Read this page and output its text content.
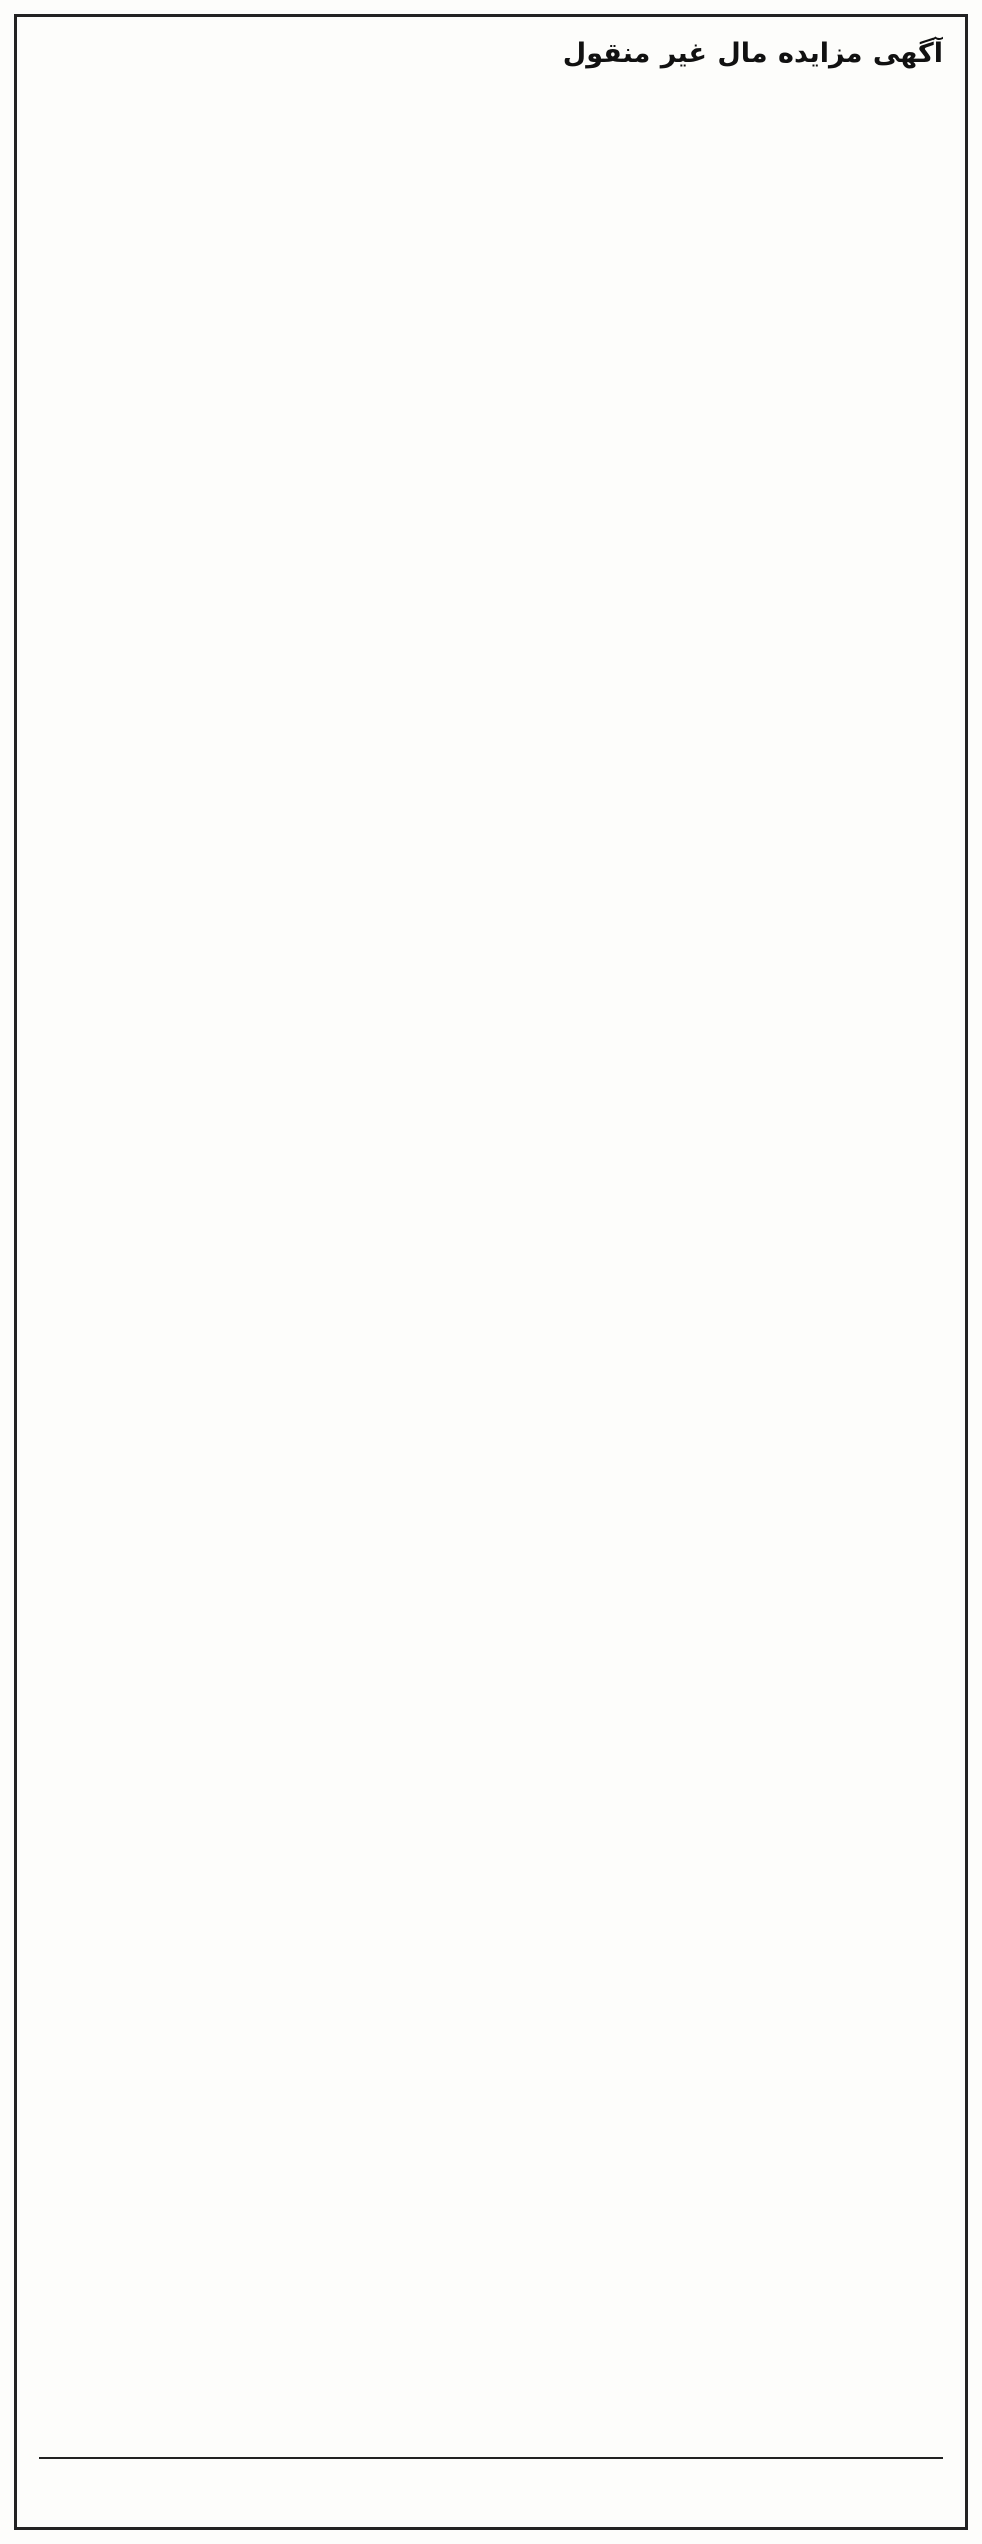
آگهی مزایده مال غیر منقول
